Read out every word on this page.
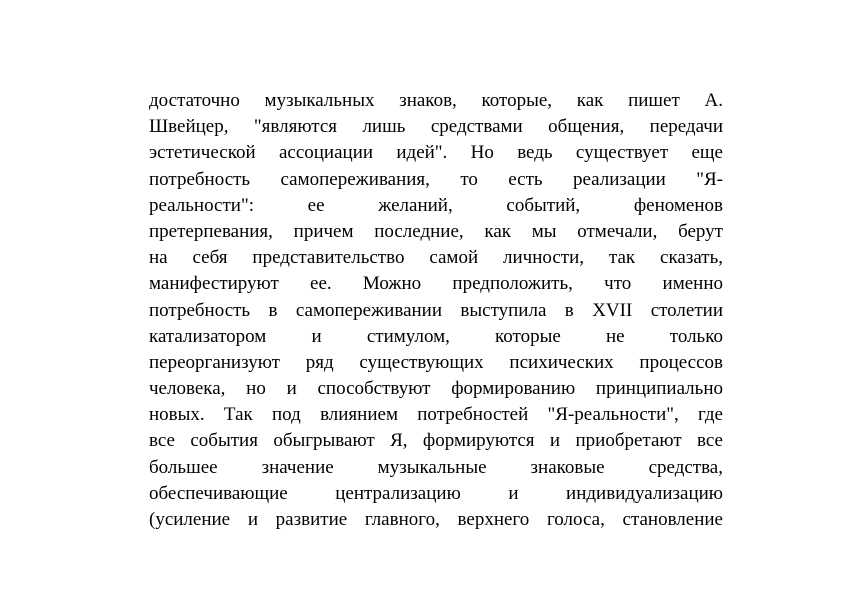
достаточно музыкальных знаков, которые, как пишет А.
Швейцер, "являются лишь средствами общения, передачи
эстетической ассоциации идей". Но ведь существует еще
потребность самопереживания, то есть реализации "Я-
реальности": ее желаний, событий, феноменов
претерпевания, причем последние, как мы отмечали, берут
на себя представительство самой личности, так сказать,
манифестируют ее. Можно предположить, что именно
потребность в самопереживании выступила в XVII столетии
катализатором и стимулом, которые не только
переорганизуют ряд существующих психических процессов
человека, но и способствуют формированию принципиально
новых. Так под влиянием потребностей "Я-реальности", где
все события обыгрывают Я, формируются и приобретают все
большее значение музыкальные знаковые средства,
обеспечивающие централизацию и индивидуализацию
(усиление и развитие главного, верхнего голоса, становление
